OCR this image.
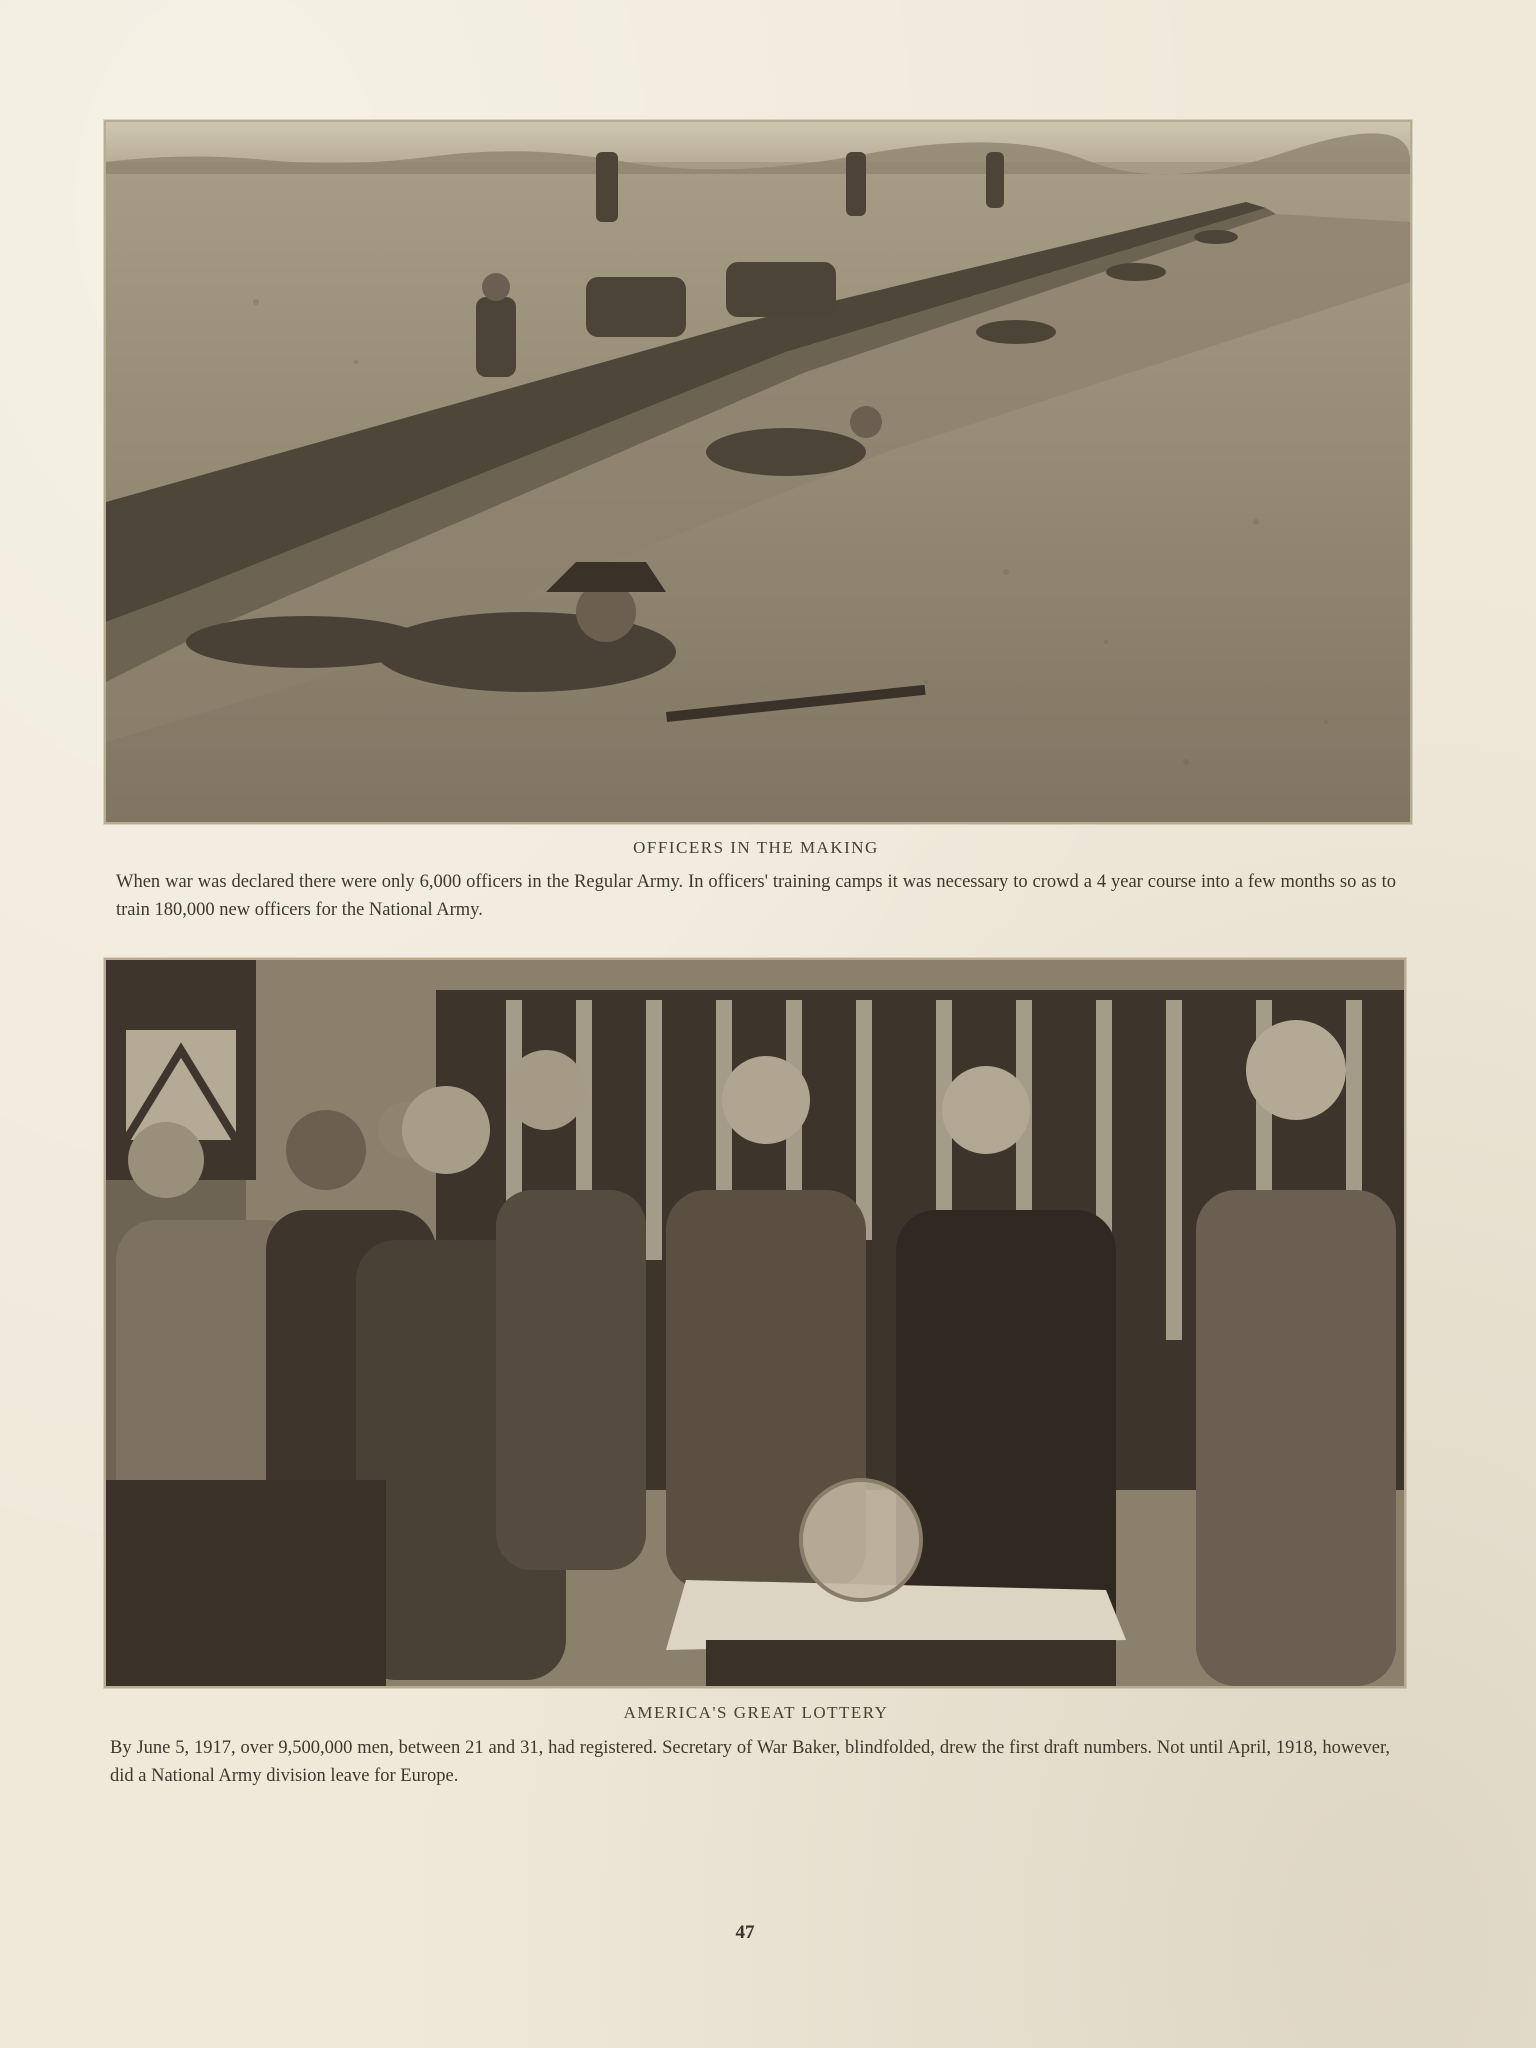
OFFICERS IN THE MAKING
When war was declared there were only 6,000 officers in the Regular Army. In officers' training camps it was necessary to crowd a 4 year course into a few months so as to train 180,000 new officers for the National Army.
AMERICA'S GREAT LOTTERY
By June 5, 1917, over 9,500,000 men, between 21 and 31, had registered. Secretary of War Baker, blindfolded, drew the first draft numbers. Not until April, 1918, however, did a National Army division leave for Europe.
47
